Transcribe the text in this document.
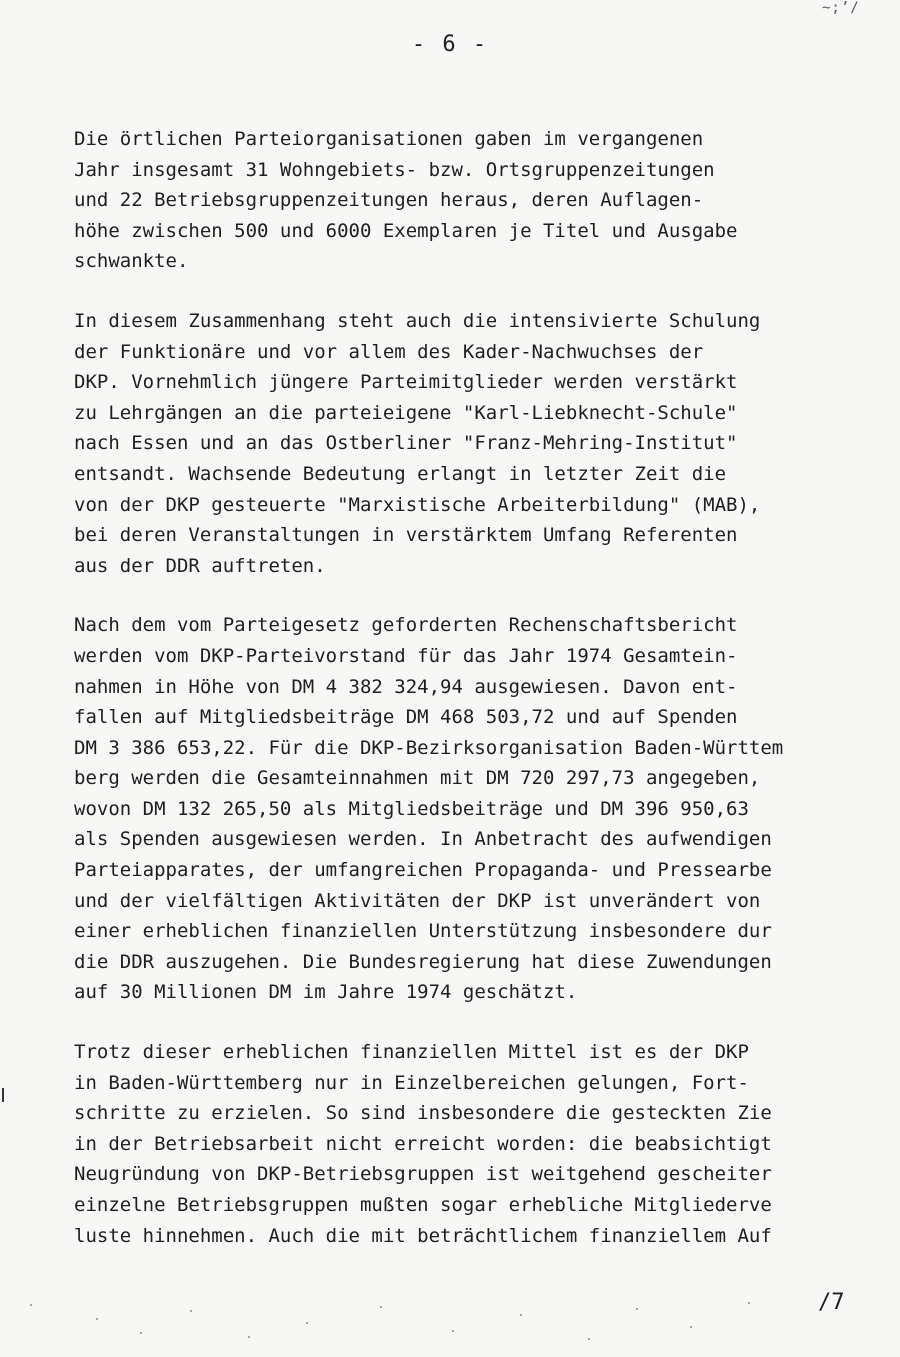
~;’/
- 6 -
Die örtlichen Parteiorganisationen gaben im vergangenen
Jahr insgesamt 31 Wohngebiets- bzw. Ortsgruppenzeitungen
und 22 Betriebsgruppenzeitungen heraus, deren Auflagen-
höhe zwischen 500 und 6000 Exemplaren je Titel und Ausgabe
schwankte.
In diesem Zusammenhang steht auch die intensivierte Schulung
der Funktionäre und vor allem des Kader-Nachwuchses der
DKP. Vornehmlich jüngere Parteimitglieder werden verstärkt
zu Lehrgängen an die parteieigene "Karl-Liebknecht-Schule"
nach Essen und an das Ostberliner "Franz-Mehring-Institut"
entsandt. Wachsende Bedeutung erlangt in letzter Zeit die
von der DKP gesteuerte "Marxistische Arbeiterbildung" (MAB),
bei deren Veranstaltungen in verstärktem Umfang Referenten
aus der DDR auftreten.
Nach dem vom Parteigesetz geforderten Rechenschaftsbericht
werden vom DKP-Parteivorstand für das Jahr 1974 Gesamtein-
nahmen in Höhe von DM 4 382 324,94 ausgewiesen. Davon ent-
fallen auf Mitgliedsbeiträge DM 468 503,72 und auf Spenden
DM 3 386 653,22. Für die DKP-Bezirksorganisation Baden-Württem
berg werden die Gesamteinnahmen mit DM 720 297,73 angegeben,
wovon DM 132 265,50 als Mitgliedsbeiträge und DM 396 950,63
als Spenden ausgewiesen werden. In Anbetracht des aufwendigen
Parteiapparates, der umfangreichen Propaganda- und Pressearbe
und der vielfältigen Aktivitäten der DKP ist unverändert von
einer erheblichen finanziellen Unterstützung insbesondere dur
die DDR auszugehen. Die Bundesregierung hat diese Zuwendungen
auf 30 Millionen DM im Jahre 1974 geschätzt.
Trotz dieser erheblichen finanziellen Mittel ist es der DKP
in Baden-Württemberg nur in Einzelbereichen gelungen, Fort-
schritte zu erzielen. So sind insbesondere die gesteckten Zie
in der Betriebsarbeit nicht erreicht worden: die beabsichtigt
Neugründung von DKP-Betriebsgruppen ist weitgehend gescheiter
einzelne Betriebsgruppen mußten sogar erhebliche Mitgliederve
luste hinnehmen. Auch die mit beträchtlichem finanziellem Auf
/7
